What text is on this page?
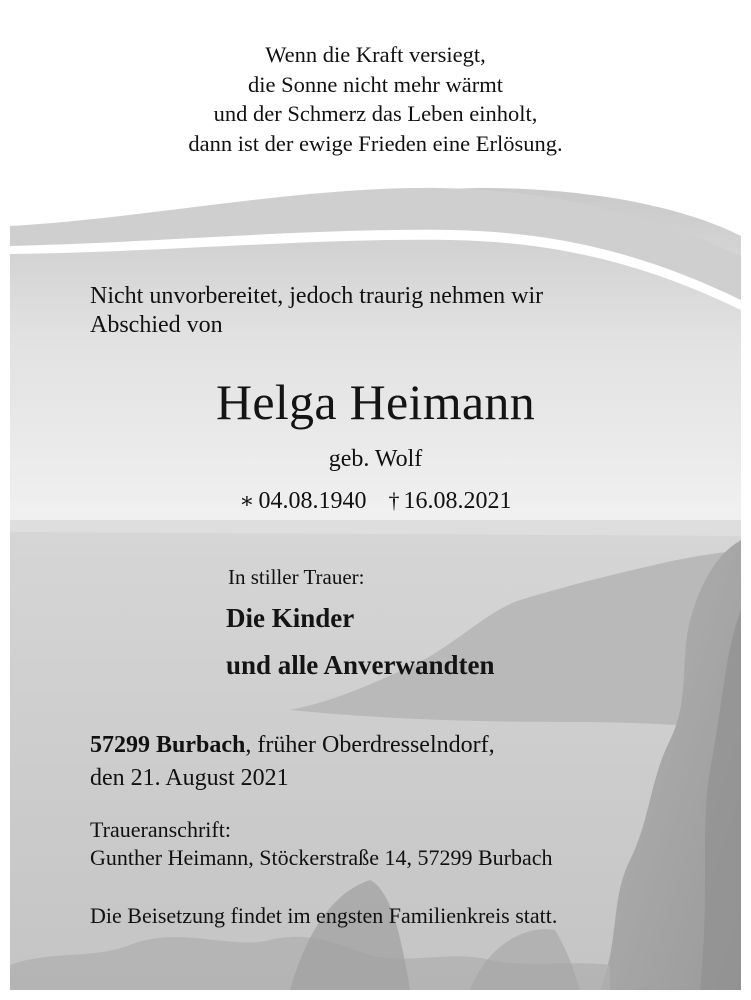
Wenn die Kraft versiegt,
die Sonne nicht mehr wärmt
und der Schmerz das Leben einholt,
dann ist der ewige Frieden eine Erlösung.
Nicht unvorbereitet, jedoch traurig nehmen wir
Abschied von
Helga Heimann
geb. Wolf
∗ 04.08.1940 † 16.08.2021
In stiller Trauer:
Die Kinder
und alle Anverwandten
57299 Burbach, früher Oberdresselndorf,
den 21. August 2021
Traueranschrift:
Gunther Heimann, Stöckerstraße 14, 57299 Burbach
Die Beisetzung findet im engsten Familienkreis statt.
